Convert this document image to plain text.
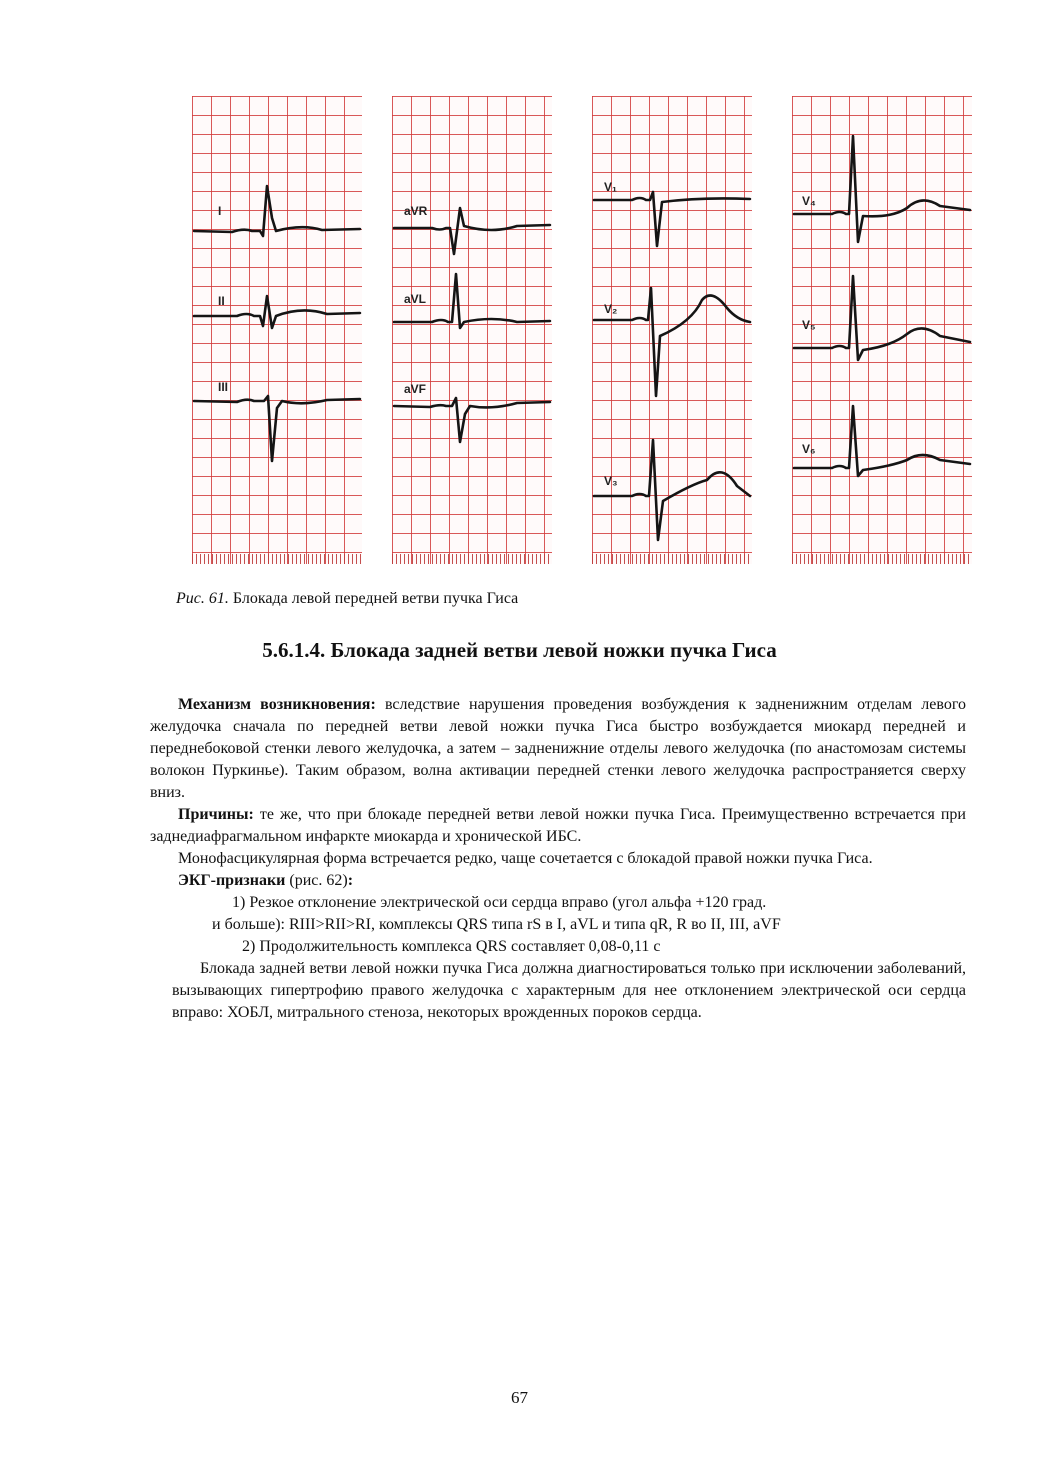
I
II
III
aVR
aVL
aVF
V₁
V₂
V₃
V₄
V₅
V₆
Рис. 61. Блокада левой передней ветви пучка Гиса
5.6.1.4. Блокада задней ветви левой ножки пучка Гиса

Механизм возникновения: вследствие нарушения проведения возбуждения к задненижним отделам левого желудочка сначала по передней ветви левой ножки пучка Гиса быстро возбуждается миокард передней и переднебоковой стенки левого желудочка, а затем – задненижние отделы левого желудочка (по анастомозам системы волокон Пуркинье). Таким образом, волна активации передней стенки левого желудочка распространяется сверху вниз.

Причины: те же, что при блокаде передней ветви левой ножки пучка Гиса. Преимущественно встречается при заднедиафрагмальном инфаркте миокарда и хронической ИБС.

Монофасцикулярная форма встречается редко, чаще сочетается с блокадой правой ножки пучка Гиса.

ЭКГ-признаки (рис. 62):

1) Резкое отклонение электрической оси сердца вправо (угол альфа +120 град.

и больше): RIII>RII>RI, комплексы QRS типа rS в I, aVL и типа qR, R во II, III, aVF

2) Продолжительность комплекса QRS составляет 0,08-0,11 с

Блокада задней ветви левой ножки пучка Гиса должна диагностироваться только при исключении заболеваний, вызывающих гипертрофию правого желудочка с характерным для нее отклонением электрической оси сердца вправо: ХОБЛ, митрального стеноза, некоторых врожденных пороков сердца.

67
